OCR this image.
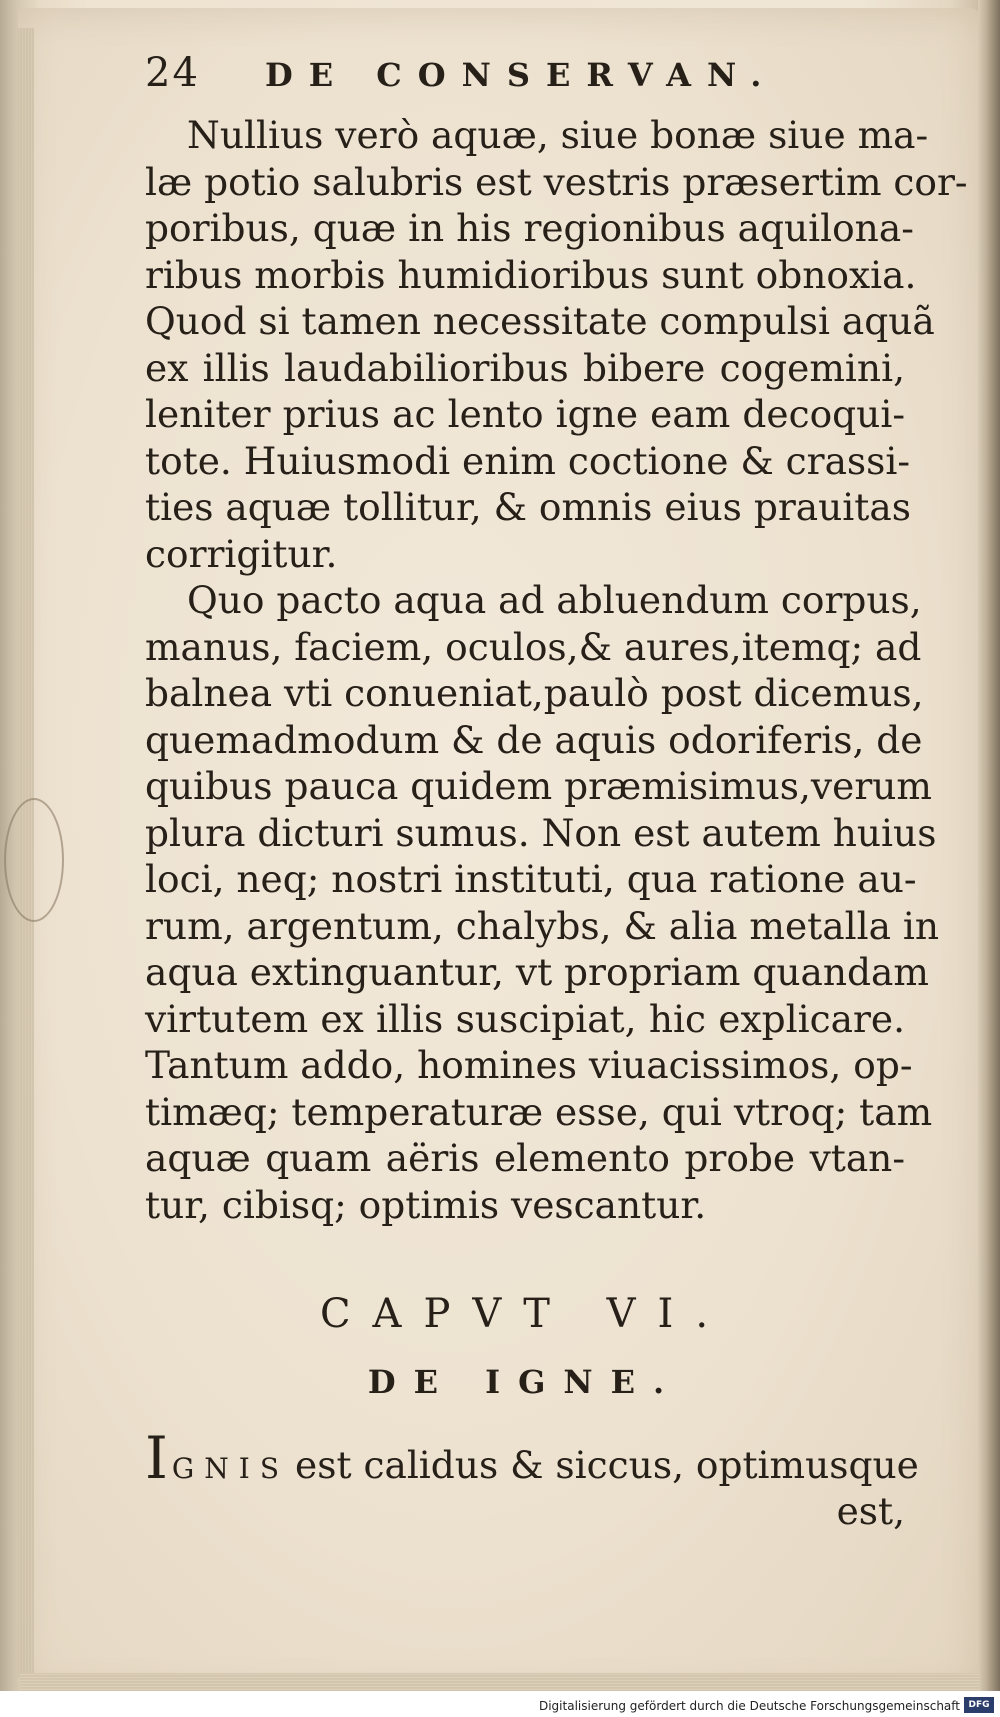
24	DE CONSERVAN.
Nullius verò aquæ, siue bonæ siue ma-
læ potio salubris est vestris præsertim cor-
poribus, quæ in his regionibus aquilona-
ribus morbis humidioribus sunt obnoxia.
Quod si tamen necessitate compulsi aquã
ex illis laudabilioribus bibere cogemini,
leniter prius ac lento igne eam decoqui-
tote. Huiusmodi enim coctione & crassi-
ties aquæ tollitur, & omnis eius prauitas
corrigitur.
Quo pacto aqua ad abluendum corpus,
manus, faciem, oculos,& aures,itemq; ad
balnea vti conueniat,paulò post dicemus,
quemadmodum & de aquis odoriferis, de
quibus pauca quidem præmisimus,verum
plura dicturi sumus. Non est autem huius
loci, neq; nostri instituti, qua ratione au-
rum, argentum, chalybs, & alia metalla in
aqua extinguantur, vt propriam quandam
virtutem ex illis suscipiat, hic explicare.
Tantum addo, homines viuacissimos, op-
timæq; temperaturæ esse, qui vtroq; tam
aquæ quam aëris elemento probe vtan-
tur, cibisq; optimis vescantur.
CAPVT VI.
DE IGNE.
I GNIS est calidus & siccus, optimusque
est,
Digitalisierung gefördert durch die Deutsche Forschungsgemeinschaft DFG
